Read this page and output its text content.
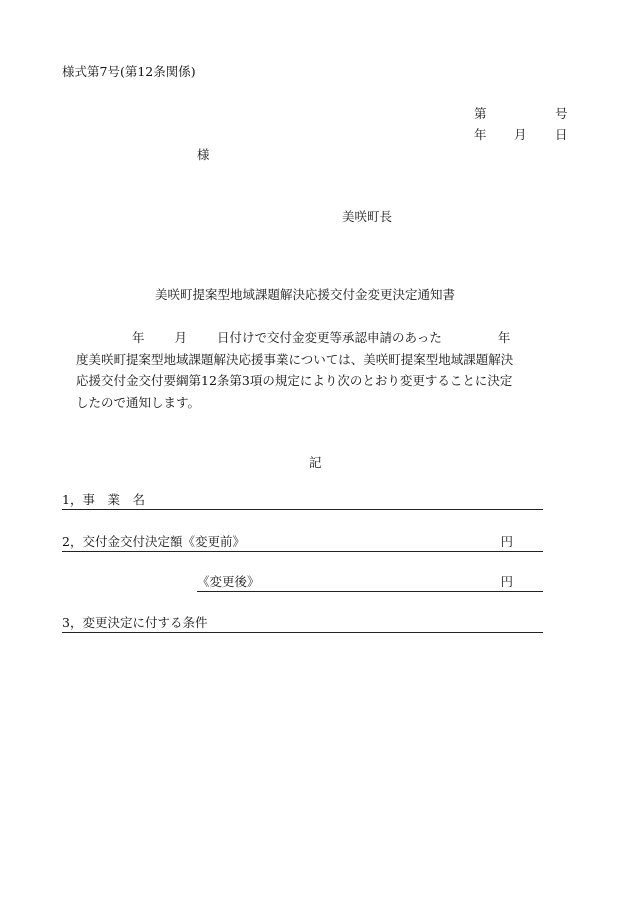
様式第7号(第12条関係)
第	号
年 月 日
様
美咲町長
美咲町提案型地域課題解決応援交付金変更決定通知書
年 月 日付けで交付金変更等承認申請のあった	年
度美咲町提案型地域課題解決応援事業については、美咲町提案型地域課題解決
応援交付金交付要綱第12条第3項の規定により次のとおり変更することに決定
したので通知します。
記
1，事　業　名
2，交付金交付決定額《変更前》	円
《変更後》	円
3，変更決定に付する条件
